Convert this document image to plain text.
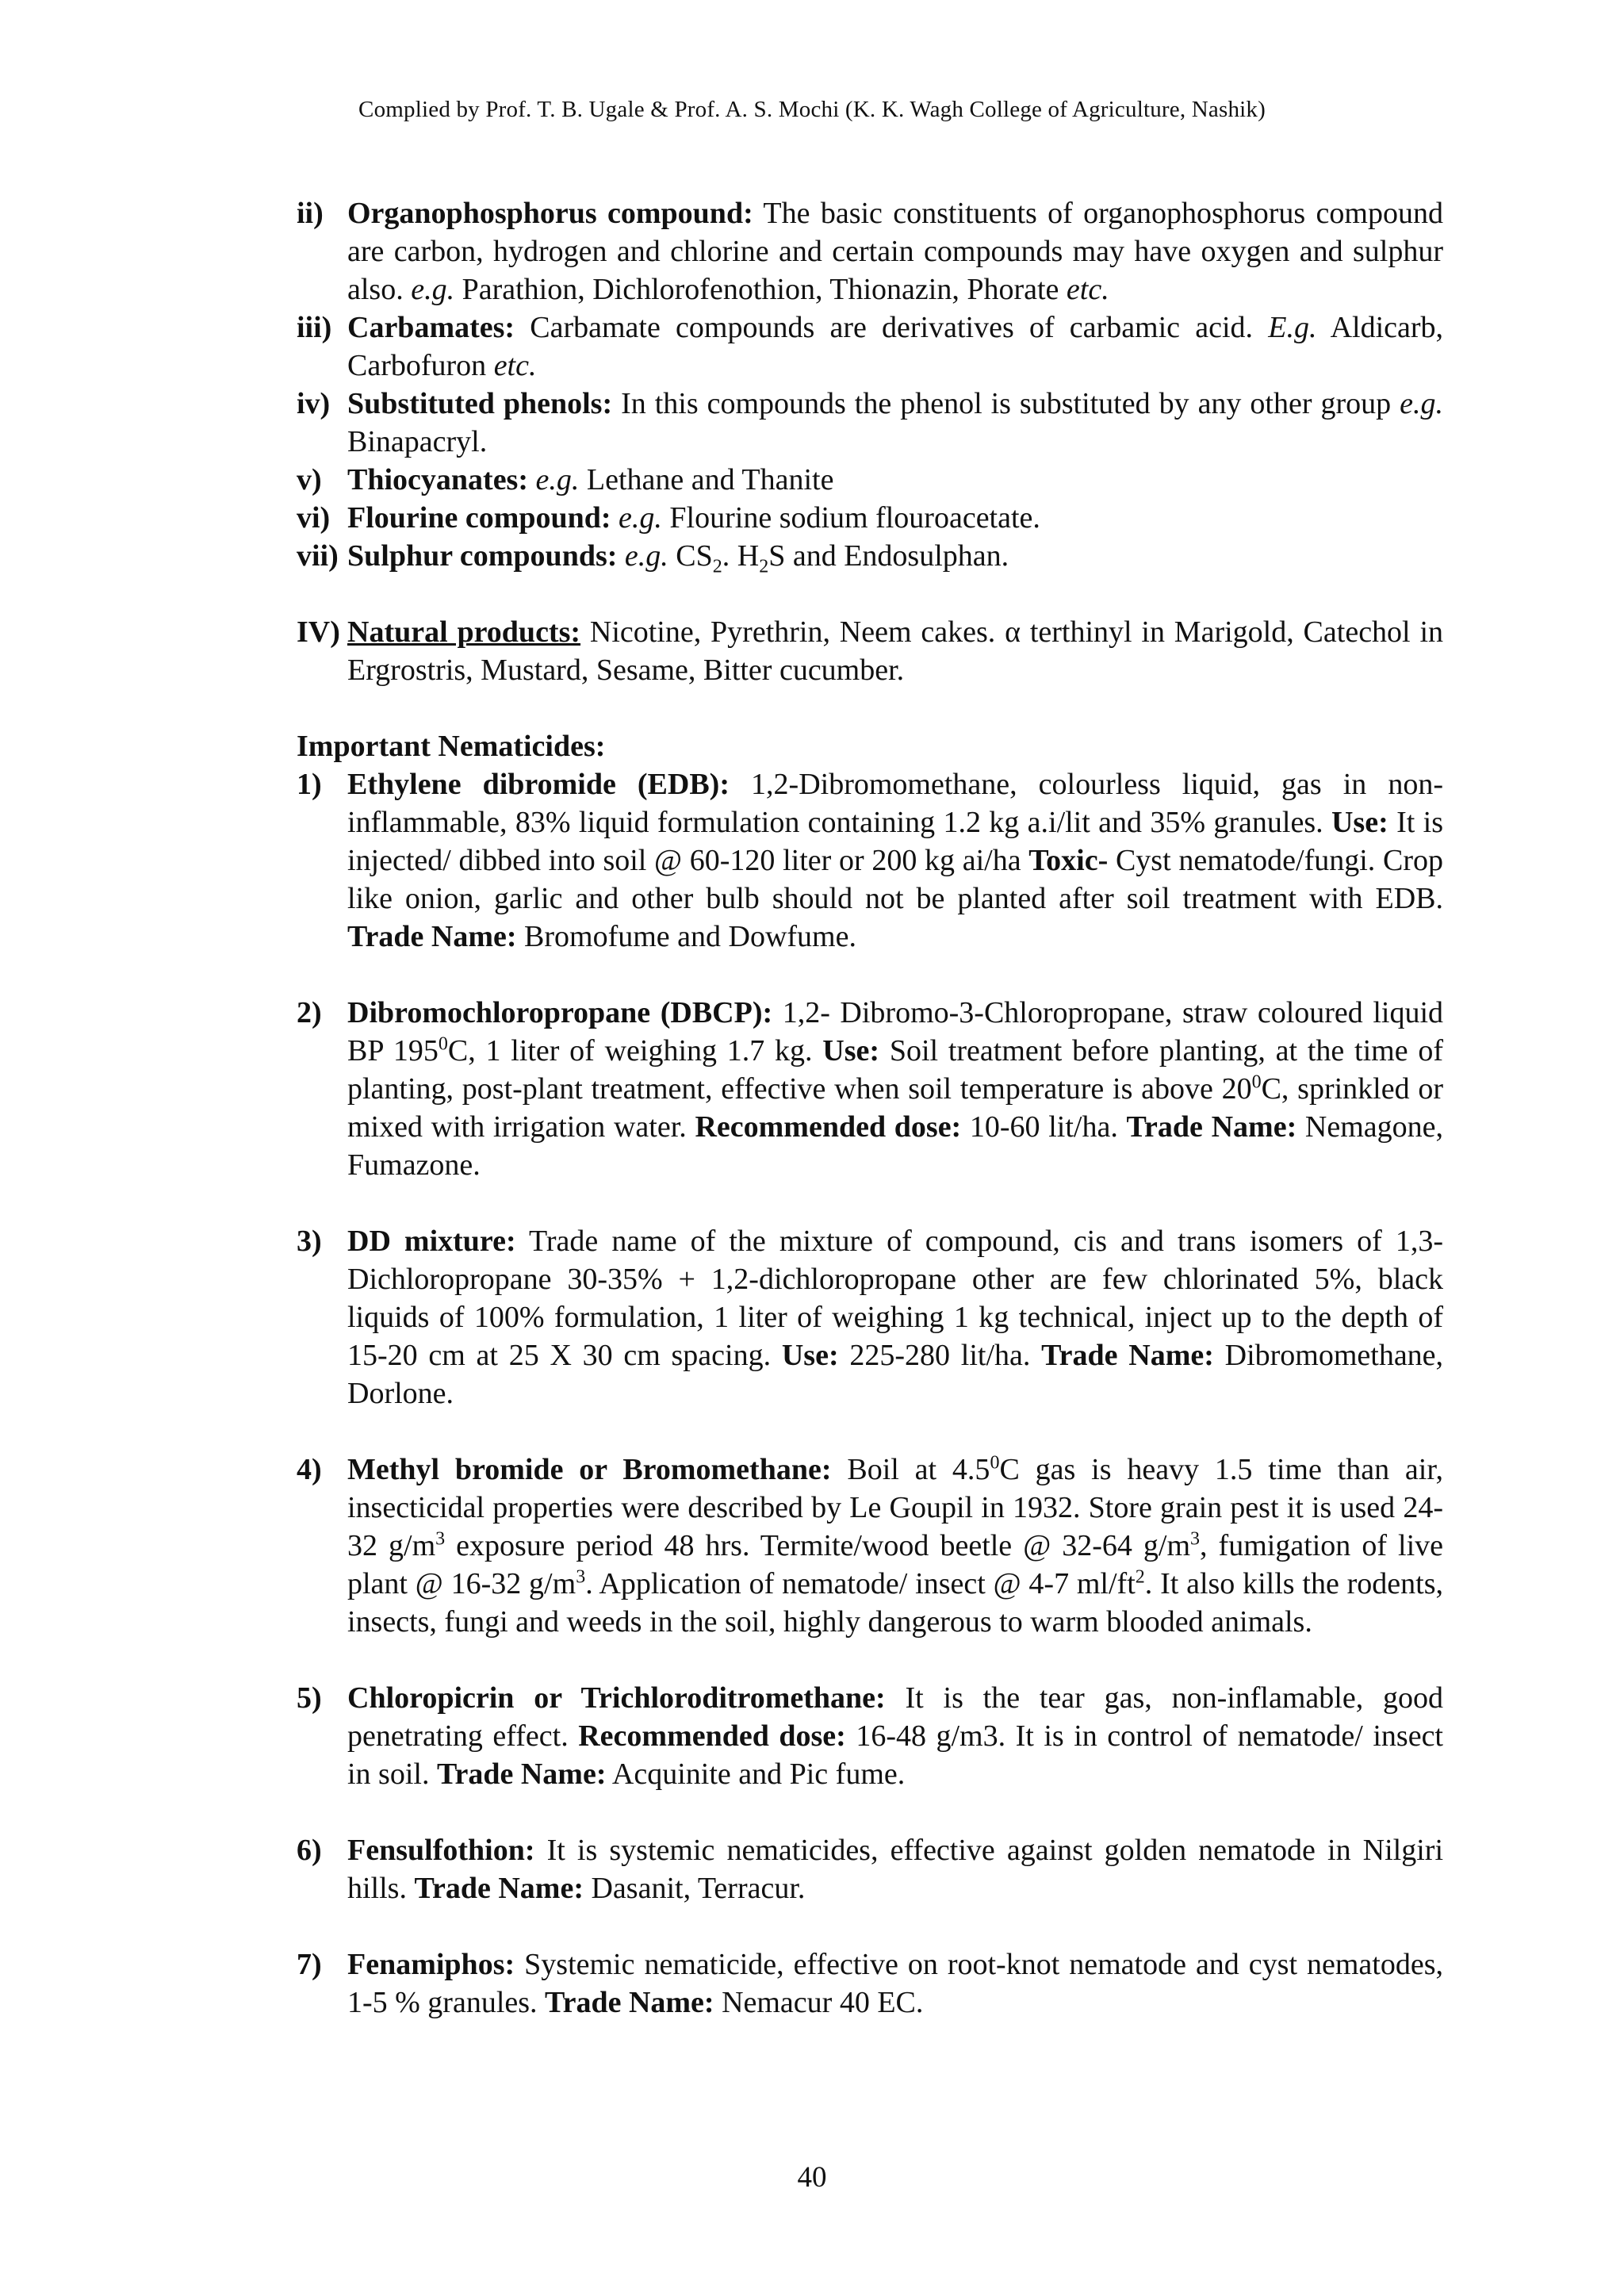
Complied by Prof. T. B. Ugale & Prof. A. S. Mochi (K. K. Wagh College of Agriculture, Nashik)
ii) Organophosphorus compound: The basic constituents of organophosphorus compound are carbon, hydrogen and chlorine and certain compounds may have oxygen and sulphur also. e.g. Parathion, Dichlorofenothion, Thionazin, Phorate etc.
iii) Carbamates: Carbamate compounds are derivatives of carbamic acid. E.g. Aldicarb, Carbofuron etc.
iv) Substituted phenols: In this compounds the phenol is substituted by any other group e.g. Binapacryl.
v) Thiocyanates: e.g. Lethane and Thanite
vi) Flourine compound: e.g. Flourine sodium flouroacetate.
vii) Sulphur compounds: e.g. $CS_2$. $H_2S$ and Endosulphan.
IV) Natural products: Nicotine, Pyrethrin, Neem cakes. α terthinyl in Marigold, Catechol in Ergrostris, Mustard, Sesame, Bitter cucumber.
Important Nematicides:
1) Ethylene dibromide (EDB): 1,2-Dibromomethane, colourless liquid, gas in non-inflammable, 83% liquid formulation containing 1.2 kg a.i/lit and 35% granules. Use: It is injected/ dibbed into soil @ 60-120 liter or 200 kg ai/ha Toxic- Cyst nematode/fungi. Crop like onion, garlic and other bulb should not be planted after soil treatment with EDB. Trade Name: Bromofume and Dowfume.
2) Dibromochloropropane (DBCP): 1,2- Dibromo-3-Chloropropane, straw coloured liquid BP $195^0C$, 1 liter of weighing 1.7 kg. Use: Soil treatment before planting, at the time of planting, post-plant treatment, effective when soil temperature is above $20^0C$, sprinkled or mixed with irrigation water. Recommended dose: 10-60 lit/ha. Trade Name: Nemagone, Fumazone.
3) DD mixture: Trade name of the mixture of compound, cis and trans isomers of 1,3-Dichloropropane 30-35% + 1,2-dichloropropane other are few chlorinated 5%, black liquids of 100% formulation, 1 liter of weighing 1 kg technical, inject up to the depth of 15-20 cm at 25 X 30 cm spacing. Use: 225-280 lit/ha. Trade Name: Dibromomethane, Dorlone.
4) Methyl bromide or Bromomethane: Boil at $4.5^0C$ gas is heavy 1.5 time than air, insecticidal properties were described by Le Goupil in 1932. Store grain pest it is used 24-32 $g/m^3$ exposure period 48 hrs. Termite/wood beetle @ 32-64 $g/m^3$, fumigation of live plant @ 16-32 $g/m^3$. Application of nematode/ insect @ 4-7 $ml/ft^2$. It also kills the rodents, insects, fungi and weeds in the soil, highly dangerous to warm blooded animals.
5) Chloropicrin or Trichloroditromethane: It is the tear gas, non-inflamable, good penetrating effect. Recommended dose: 16-48 g/m3. It is in control of nematode/ insect in soil. Trade Name: Acquinite and Pic fume.
6) Fensulfothion: It is systemic nematicides, effective against golden nematode in Nilgiri hills. Trade Name: Dasanit, Terracur.
7) Fenamiphos: Systemic nematicide, effective on root-knot nematode and cyst nematodes, 1-5 % granules. Trade Name: Nemacur 40 EC.
40
